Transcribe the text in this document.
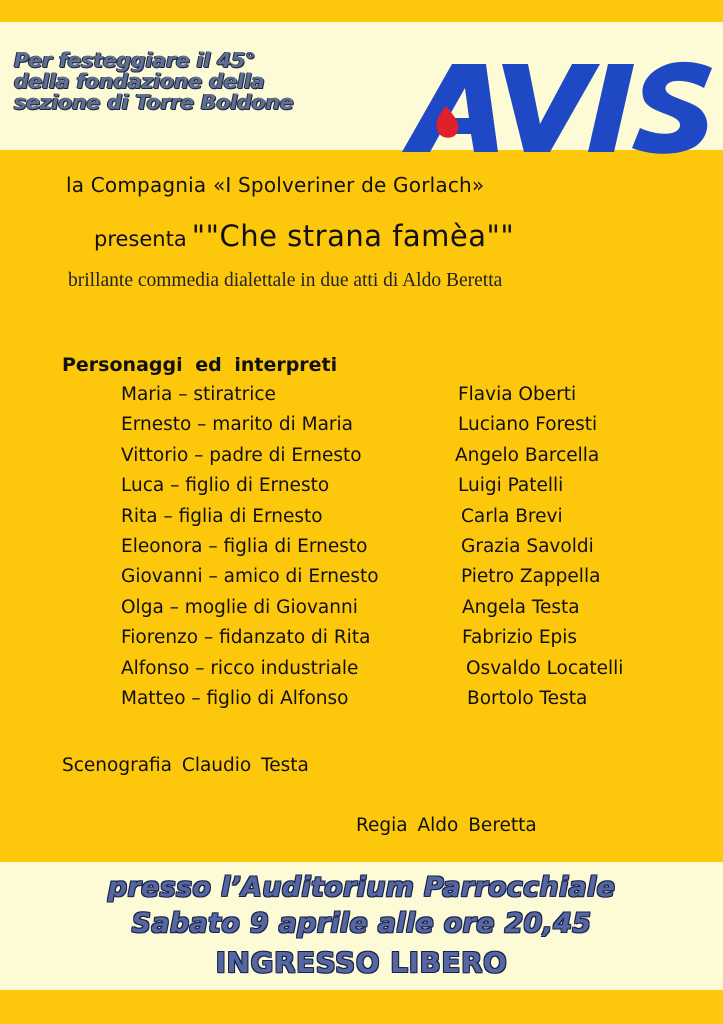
Per festeggiare il 45°
della fondazione della
sezione di Torre Boldone
la Compagnia «I Spolveriner de Gorlach»
presenta ""Che strana famèa""
brillante commedia dialettale in due atti di Aldo Beretta
Personaggi ed interpreti
Maria – stiratrice	Flavia Oberti
Ernesto – marito di Maria	Luciano Foresti
Vittorio – padre di Ernesto	Angelo Barcella
Luca – figlio di Ernesto	Luigi Patelli
Rita – figlia di Ernesto	Carla Brevi
Eleonora – figlia di Ernesto	Grazia Savoldi
Giovanni – amico di Ernesto	Pietro Zappella
Olga – moglie di Giovanni	Angela Testa
Fiorenzo – fidanzato di Rita	Fabrizio Epis
Alfonso – ricco industriale	Osvaldo Locatelli
Matteo – figlio di Alfonso	Bortolo Testa
Scenografia Claudio Testa
Regia Aldo Beretta
presso l’Auditorium Parrocchiale
Sabato 9 aprile alle ore 20,45
INGRESSO LIBERO
